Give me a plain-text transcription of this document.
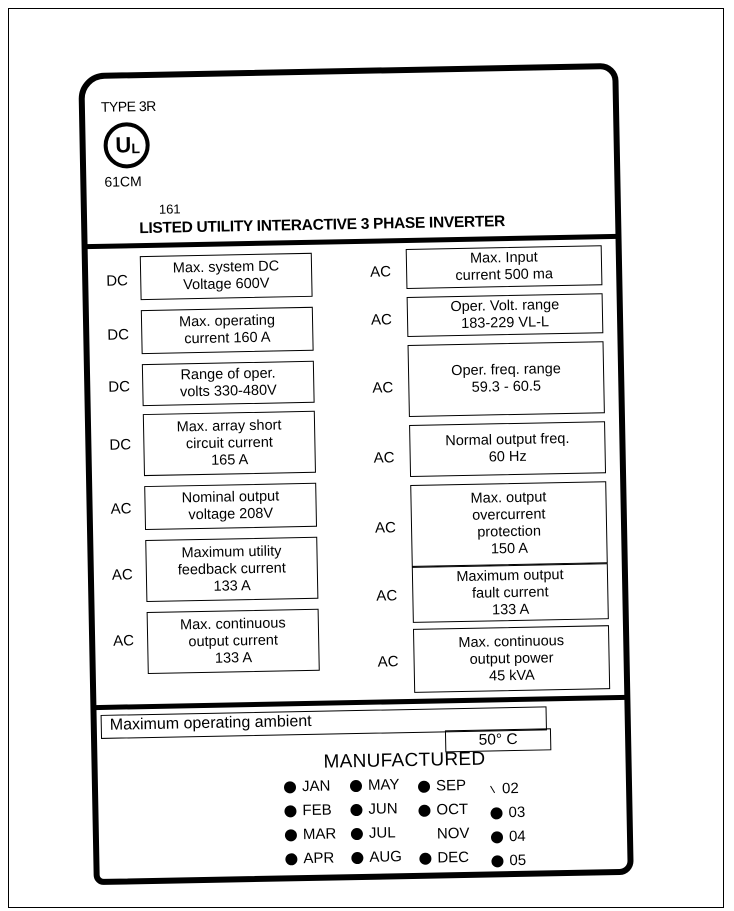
TYPE 3R
U L
61CM
161
LISTED UTILITY INTERACTIVE 3 PHASE INVERTER
DC
Max. system DC
Voltage 600V
DC
Max. operating
current 160 A
DC
Range of oper.
volts 330-480V
DC
Max. array short
circuit current
165 A
AC
Nominal output
voltage 208V
AC
Maximum utility
feedback current
133 A
AC
Max. continuous
output current
133 A
AC
Max. Input
current 500 ma
AC
Oper. Volt. range
183-229 VL-L
AC
Oper. freq. range
59.3 - 60.5
AC
Normal output freq.
60 Hz
AC
Max. output
overcurrent
protection
150 A
AC
Maximum output
fault current
133 A
AC
Max. continuous
output power
45 kVA
Maximum operating ambient
50° C
MANUFACTURED
JAN
FEB
MAR
APR
MAY
JUN
JUL
AUG
SEP
OCT
NOV
DEC
02
03
04
05
